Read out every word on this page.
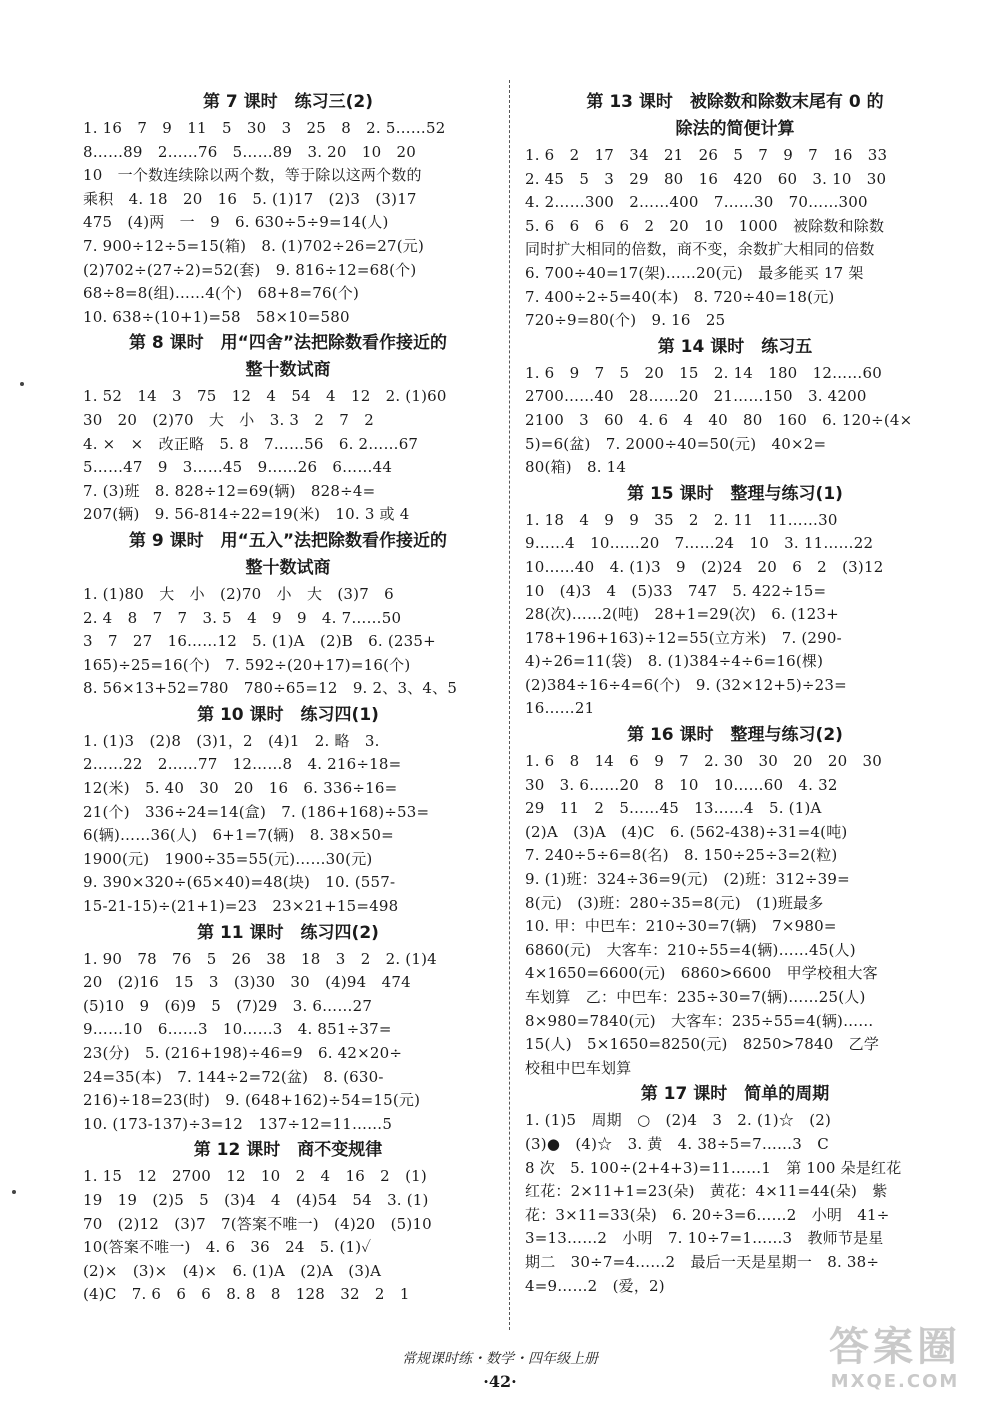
第 7 课时　练习三(2)
1. 16　7　9　11　5　30　3　25　8　2. 5……52
8……89　2……76　5……89　3. 20　10　20
10　一个数连续除以两个数，等于除以这两个数的
乘积　4. 18　20　16　5. (1)17　(2)3　(3)17
475　(4)两　一　9　6. 630÷5÷9=14(人)
7. 900÷12÷5=15(箱)　8. (1)702÷26=27(元)
(2)702÷(27÷2)=52(套)　9. 816÷12=68(个)
68÷8=8(组)……4(个)　68+8=76(个)
10. 638÷(10+1)=58　58×10=580
第 8 课时　用“四舍”法把除数看作接近的
整十数试商
1. 52　14　3　75　12　4　54　4　12　2. (1)60
30　20　(2)70　大　小　3. 3　2　7　2
4. ×　×　改正略　5. 8　7……56　6. 2……67
5……47　9　3……45　9……26　6……44
7. (3)班　8. 828÷12=69(辆)　828÷4=
207(辆)　9. 56-814÷22=19(米)　10. 3 或 4
第 9 课时　用“五入”法把除数看作接近的
整十数试商
1. (1)80　大　小　(2)70　小　大　(3)7　6
2. 4　8　7　7　3. 5　4　9　9　4. 7……50
3　7　27　16……12　5. (1)A　(2)B　6. (235+
165)÷25=16(个)　7. 592÷(20+17)=16(个)
8. 56×13+52=780　780÷65=12　9. 2、3、4、5
第 10 课时　练习四(1)
1. (1)3　(2)8　(3)1，2　(4)1　2. 略　3.
2……22　2……77　12……8　4. 216÷18=
12(米)　5. 40　30　20　16　6. 336÷16=
21(个)　336÷24=14(盒)　7. (186+168)÷53=
6(辆)……36(人)　6+1=7(辆)　8. 38×50=
1900(元)　1900÷35=55(元)……30(元)
9. 390×320÷(65×40)=48(块)　10. (557-
15-21-15)÷(21+1)=23　23×21+15=498
第 11 课时　练习四(2)
1. 90　78　76　5　26　38　18　3　2　2. (1)4
20　(2)16　15　3　(3)30　30　(4)94　474
(5)10　9　(6)9　5　(7)29　3. 6……27
9……10　6……3　10……3　4. 851÷37=
23(分)　5. (216+198)÷46=9　6. 42×20÷
24=35(本)　7. 144÷2=72(盆)　8. (630-
216)÷18=23(时)　9. (648+162)÷54=15(元)
10. (173-137)÷3=12　137÷12=11……5
第 12 课时　商不变规律
1. 15　12　2700　12　10　2　4　16　2　(1)
19　19　(2)5　5　(3)4　4　(4)54　54　3. (1)
70　(2)12　(3)7　7(答案不唯一)　(4)20　(5)10
10(答案不唯一)　4. 6　36　24　5. (1)✓
(2)×　(3)×　(4)×　6. (1)A　(2)A　(3)A
(4)C　7. 6　6　6　8. 8　8　128　32　2　1
第 13 课时　被除数和除数末尾有 0 的
除法的简便计算
1. 6　2　17　34　21　26　5　7　9　7　16　33
2. 45　5　3　29　80　16　420　60　3. 10　30
4. 2……300　2……400　7……30　70……300
5. 6　6　6　6　2　20　10　1000　被除数和除数
同时扩大相同的倍数，商不变，余数扩大相同的倍数
6. 700÷40=17(架)……20(元)　最多能买 17 架
7. 400÷2÷5=40(本)　8. 720÷40=18(元)
720÷9=80(个)　9. 16　25
第 14 课时　练习五
1. 6　9　7　5　20　15　2. 14　180　12……60
2700……40　28……20　21……150　3. 4200
2100　3　60　4. 6　4　40　80　160　6. 120÷(4×
5)=6(盆)　7. 2000÷40=50(元)　40×2=
80(箱)　8. 14
第 15 课时　整理与练习(1)
1. 18　4　9　9　35　2　2. 11　11……30
9……4　10……20　7……24　10　3. 11……22
10……40　4. (1)3　9　(2)24　20　6　2　(3)12
10　(4)3　4　(5)33　747　5. 422÷15=
28(次)……2(吨)　28+1=29(次)　6. (123+
178+196+163)÷12=55(立方米)　7. (290-
4)÷26=11(袋)　8. (1)384÷4÷6=16(棵)
(2)384÷16÷4=6(个)　9. (32×12+5)÷23=
16……21
第 16 课时　整理与练习(2)
1. 6　8　14　6　9　7　2. 30　30　20　20　30
30　3. 6……20　8　10　10……60　4. 32
29　11　2　5……45　13……4　5. (1)A
(2)A　(3)A　(4)C　6. (562-438)÷31=4(吨)
7. 240÷5÷6=8(名)　8. 150÷25÷3=2(粒)
9. (1)班：324÷36=9(元)　(2)班：312÷39=
8(元)　(3)班：280÷35=8(元)　(1)班最多
10. 甲：中巴车：210÷30=7(辆)　7×980=
6860(元)　大客车：210÷55=4(辆)……45(人)
4×1650=6600(元)　6860>6600　甲学校租大客
车划算　乙：中巴车：235÷30=7(辆)……25(人)
8×980=7840(元)　大客车：235÷55=4(辆)……
15(人)　5×1650=8250(元)　8250>7840　乙学
校租中巴车划算
第 17 课时　简单的周期
1. (1)5　周期　○　(2)4　3　2. (1)☆　(2)
(3)●　(4)☆　3. 黄　4. 38÷5=7……3　C
8 次　5. 100÷(2+4+3)=11……1　第 100 朵是红花
红花：2×11+1=23(朵)　黄花：4×11=44(朵)　紫
花：3×11=33(朵)　6. 20÷3=6……2　小明　41÷
3=13……2　小明　7. 10÷7=1……3　教师节是星
期二　30÷7=4……2　最后一天是星期一　8. 38÷
4=9……2　(爱，2)
常规课时练・数学・四年级上册
·42·
答案圈
MXQE.COM
